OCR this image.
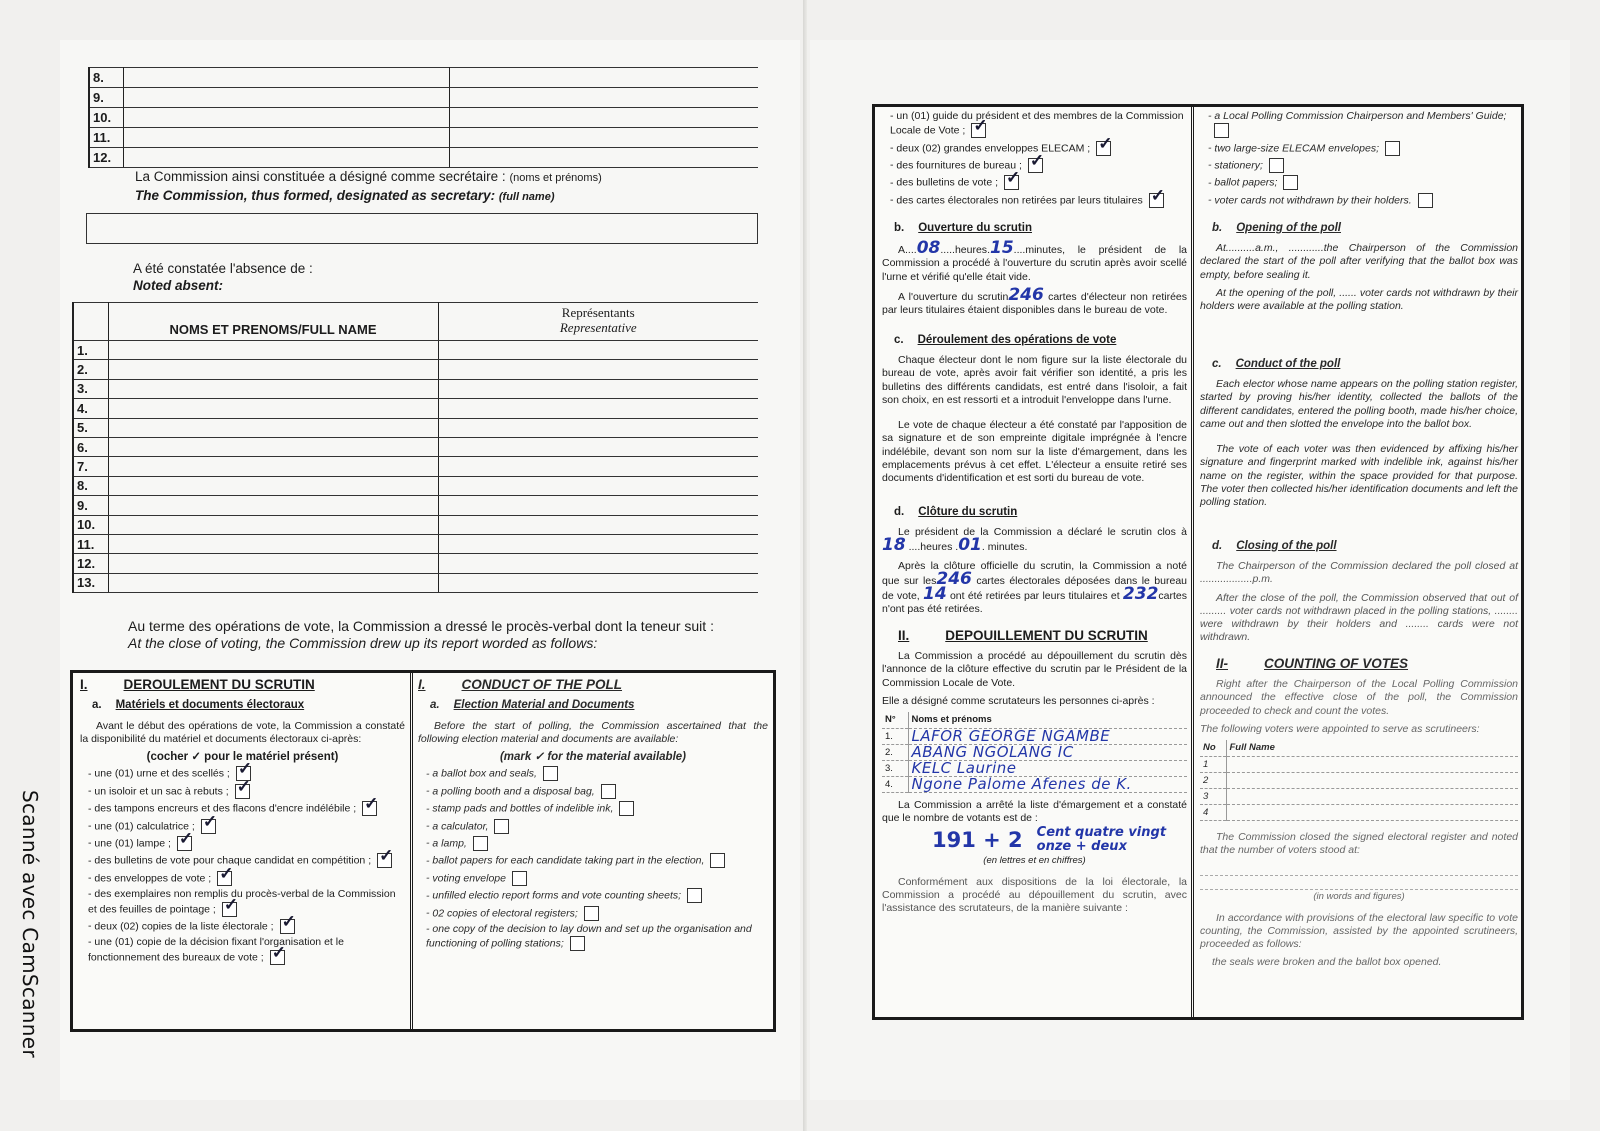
Scanné avec CamScanner
8.		
9.		
10.		
11.		
12.		
La Commission ainsi constituée a désigné comme secrétaire : (noms et prénoms)
The Commission, thus formed, designated as secretary: (full name)
A été constatée l'absence de :
Noted absent:
	NOMS ET PRENOMS/FULL NAME	Représentants
Representative

1.		
2.		
3.		
4.		
5.		
6.		
7.		
8.		
9.		
10.		
11.		
12.		
13.		
Au terme des opérations de vote, la Commission a dressé le procès-verbal dont la teneur suit :
At the close of voting, the Commission drew up its report worded as follows:
I.	DEROULEMENT DU SCRUTIN
a. Matériels et documents électoraux
Avant le début des opérations de vote, la Commission a constaté la disponibilité du matériel et documents électoraux ci-après:
(cocher ✓ pour le matériel présent)
- une (01) urne et des scellés ;✓
- un isoloir et un sac à rebuts ;✓
- des tampons encreurs et des flacons d'encre indélébile ;✓
- une (01) calculatrice ;✓
- une (01) lampe ;✓
- des bulletins de vote pour chaque candidat en compétition ;✓
- des enveloppes de vote ;✓
- des exemplaires non remplis du procès-verbal de la Commission et des feuilles de pointage ;✓
- deux (02) copies de la liste électorale ;✓
- une (01) copie de la décision fixant l'organisation et le fonctionnement des bureaux de vote ;✓
I.	CONDUCT OF THE POLL
a. Election Material and Documents
Before the start of polling, the Commission ascertained that the following election material and documents are available:
(mark ✓ for the material available)
- a ballot box and seals,
- a polling booth and a disposal bag,
- stamp pads and bottles of indelible ink,
- a calculator,
- a lamp,
- ballot papers for each candidate taking part in the election,
- voting envelope
- unfilled electio report forms and vote counting sheets;
- 02 copies of electoral registers;
- one copy of the decision to lay down and set up the organisation and functioning of polling stations;
- un (01) guide du président et des membres de la Commission Locale de Vote ;✓
- deux (02) grandes enveloppes ELECAM ;✓
- des fournitures de bureau ;✓
- des bulletins de vote ;✓
- des cartes électorales non retirées par leurs titulaires✓
b. Ouverture du scrutin
A....08.....heures.15....minutes, le président de la Commission a procédé à l'ouverture du scrutin après avoir scellé l'urne et vérifié qu'elle était vide.
A l'ouverture du scrutin246 cartes d'électeur non retirées par leurs titulaires étaient disponibles dans le bureau de vote.
c. Déroulement des opérations de vote
Chaque électeur dont le nom figure sur la liste électorale du bureau de vote, après avoir fait vérifier son identité, a pris les bulletins des différents candidats, est entré dans l'isoloir, a fait son choix, en est ressorti et a introduit l'enveloppe dans l'urne.
Le vote de chaque électeur a été constaté par l'apposition de sa signature et de son empreinte digitale imprégnée à l'encre indélébile, devant son nom sur la liste d'émargement, dans les emplacements prévus à cet effet. L'électeur a ensuite retiré ses documents d'identification et est sorti du bureau de vote.
d. Clôture du scrutin
Le président de la Commission a déclaré le scrutin clos à 18 ....heures .01. minutes.
Après la clôture officielle du scrutin, la Commission a noté que sur les246 cartes électorales déposées dans le bureau de vote, 14 ont été retirées par leurs titulaires et 232cartes n'ont pas été retirées.
II.	DEPOUILLEMENT DU SCRUTIN
La Commission a procédé au dépouillement du scrutin dès l'annonce de la clôture effective du scrutin par le Président de la Commission Locale de Vote.
Elle a désigné comme scrutateurs les personnes ci-après :
N°	Noms et prénoms
1.	LAFOR GEORGE NGAMBE
2.	ABANG NGOLANG IC
3.	KELC Laurine
4.	Ngone Palome Afenes de K.
La Commission a arrêté la liste d'émargement et a constaté que le nombre de votants est de :
191 + 2 Cent quatre vingt onze + deux
(en lettres et en chiffres)
Conformément aux dispositions de la loi électorale, la Commission a procédé au dépouillement du scrutin, avec l'assistance des scrutateurs, de la manière suivante :
- a Local Polling Commission Chairperson and Members' Guide;
- two large-size ELECAM envelopes;
- stationery;
- ballot papers;
- voter cards not withdrawn by their holders.
b. Opening of the poll
At..........a.m., ............the Chairperson of the Commission declared the start of the poll after verifying that the ballot box was empty, before sealing it.
At the opening of the poll, ...... voter cards not withdrawn by their holders were available at the polling station.
c. Conduct of the poll
Each elector whose name appears on the polling station register, started by proving his/her identity, collected the ballots of the different candidates, entered the polling booth, made his/her choice, came out and then slotted the envelope into the ballot box.
The vote of each voter was then evidenced by affixing his/her signature and fingerprint marked with indelible ink, against his/her name on the register, within the space provided for that purpose. The voter then collected his/her identification documents and left the polling station.
d. Closing of the poll
The Chairperson of the Commission declared the poll closed at ..................p.m.
After the close of the poll, the Commission observed that out of ......... voter cards not withdrawn placed in the polling stations, ........ were withdrawn by their holders and ........ cards were not withdrawn.
II-	COUNTING OF VOTES
Right after the Chairperson of the Local Polling Commission announced the effective close of the poll, the Commission proceeded to check and count the votes.
The following voters were appointed to serve as scrutineers:
No	Full Name
1	
2	
3	
4	
The Commission closed the signed electoral register and noted that the number of voters stood at:
(in words and figures)
In accordance with provisions of the electoral law specific to vote counting, the Commission, assisted by the appointed scrutineers, proceeded as follows:
the seals were broken and the ballot box opened.
